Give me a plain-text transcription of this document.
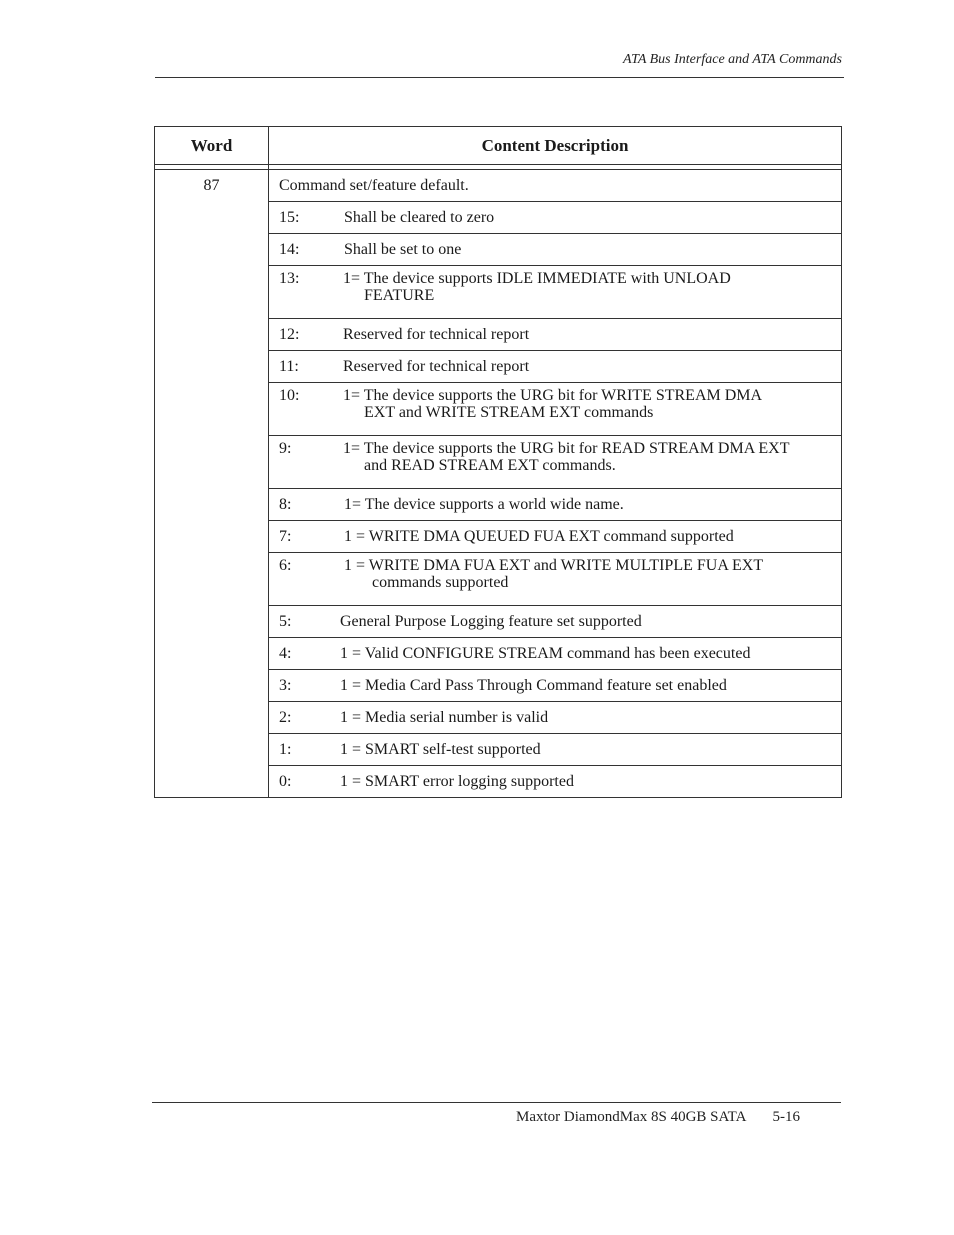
ATA Bus Interface and ATA Commands
Word	Content Description

87	Command set/feature default.
	15: Shall be cleared to zero
	14: Shall be set to one
	13: 1= The device supports IDLE IMMEDIATE with UNLOAD
FEATURE

	12: Reserved for technical report
	11: Reserved for technical report
	10: 1= The device supports the URG bit for WRITE STREAM DMA
EXT and WRITE STREAM EXT commands

	9: 1= The device supports the URG bit for READ STREAM DMA EXT
and READ STREAM EXT commands.

	8: 1= The device supports a world wide name.
	7: 1 = WRITE DMA QUEUED FUA EXT command supported
	6: 1 = WRITE DMA FUA EXT and WRITE MULTIPLE FUA EXT
commands supported

	5: General Purpose Logging feature set supported
	4: 1 = Valid CONFIGURE STREAM command has been executed
	3: 1 = Media Card Pass Through Command feature set enabled
	2: 1 = Media serial number is valid
	1: 1 = SMART self-test supported
	0: 1 = SMART error logging supported
Maxtor DiamondMax 8S 40GB SATA 5-16
